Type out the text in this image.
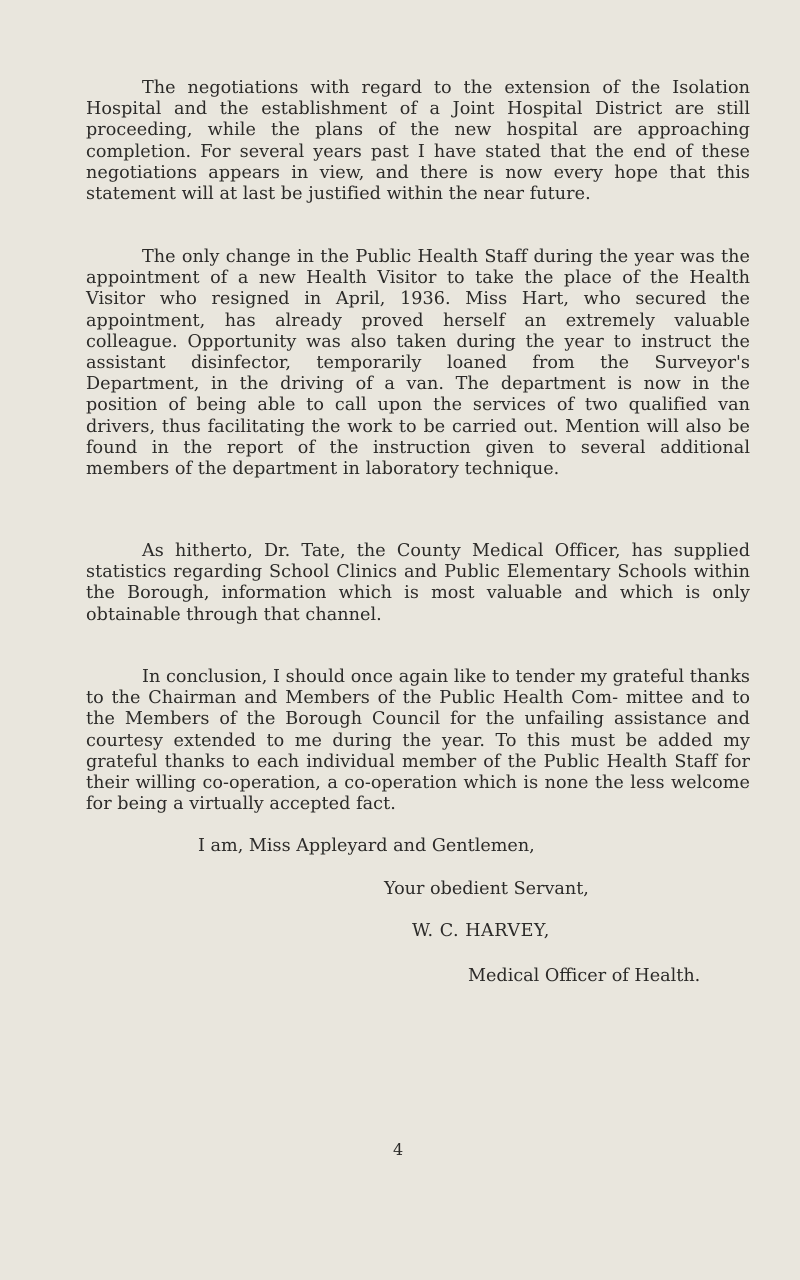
The negotiations with regard to the extension of the Isolation Hospital and the establishment of a Joint Hospital District are still proceeding, while the plans of the new hospital are approaching completion. For several years past I have stated that the end of these negotiations appears in view, and there is now every hope that this statement will at last be justified within the near future.

The only change in the Public Health Staff during the year was the appointment of a new Health Visitor to take the place of the Health Visitor who resigned in April, 1936. Miss Hart, who secured the appointment, has already proved herself an extremely valuable colleague. Opportunity was also taken during the year to instruct the assistant disinfector, temporarily loaned from the Surveyor's Department, in the driving of a van. The department is now in the position of being able to call upon the services of two qualified van drivers, thus facilitating the work to be carried out. Mention will also be found in the report of the instruction given to several additional members of the department in laboratory technique.

As hitherto, Dr. Tate, the County Medical Officer, has supplied statistics regarding School Clinics and Public Elementary Schools within the Borough, information which is most valuable and which is only obtainable through that channel.

In conclusion, I should once again like to tender my grateful thanks to the Chairman and Members of the Public Health Com- mittee and to the Members of the Borough Council for the unfailing assistance and courtesy extended to me during the year. To this must be added my grateful thanks to each individual member of the Public Health Staff for their willing co-operation, a co-operation which is none the less welcome for being a virtually accepted fact.

I am, Miss Appleyard and Gentlemen,

Your obedient Servant,

W. C. HARVEY,

Medical Officer of Health.

4
